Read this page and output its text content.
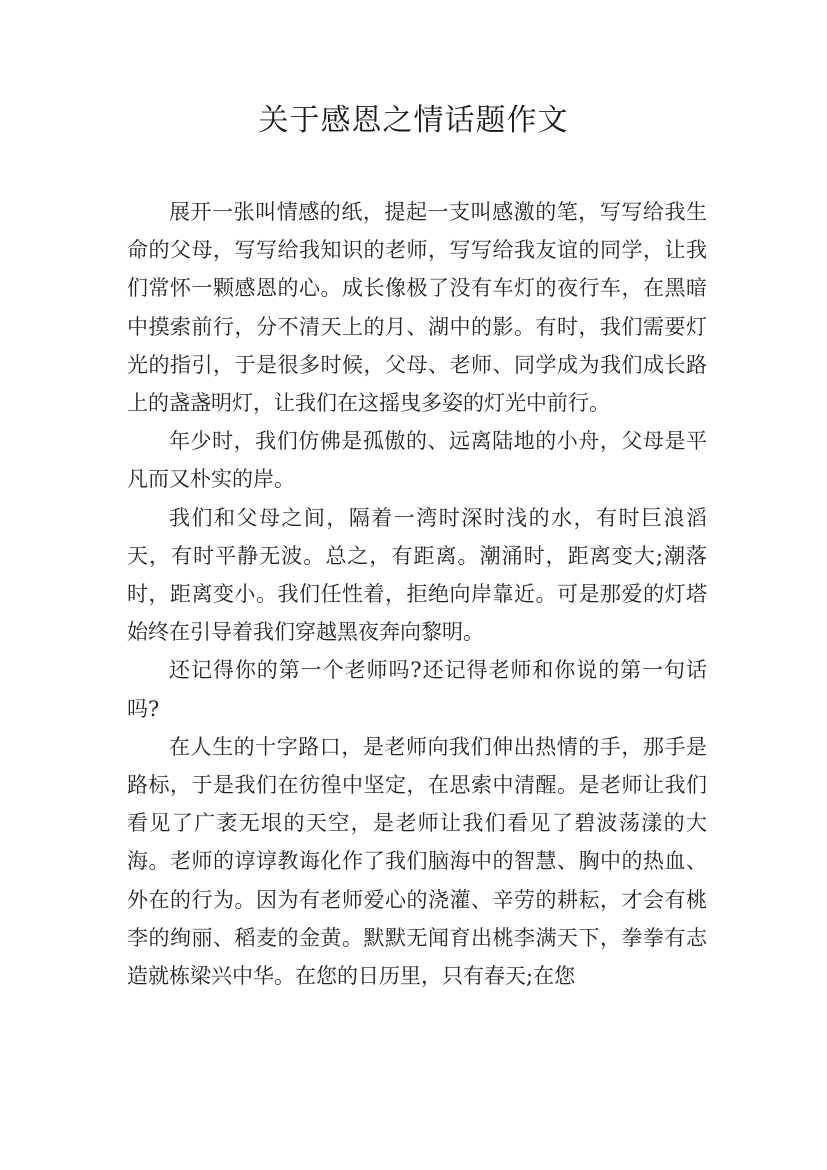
关于感恩之情话题作文

展开一张叫情感的纸，提起一支叫感激的笔，写写给我生命的父母，写写给我知识的老师，写写给我友谊的同学，让我们常怀一颗感恩的心。成长像极了没有车灯的夜行车，在黑暗中摸索前行，分不清天上的月、湖中的影。有时，我们需要灯光的指引，于是很多时候，父母、老师、同学成为我们成长路上的盏盏明灯，让我们在这摇曳多姿的灯光中前行。

年少时，我们仿佛是孤傲的、远离陆地的小舟，父母是平凡而又朴实的岸。

我们和父母之间，隔着一湾时深时浅的水，有时巨浪滔天，有时平静无波。总之，有距离。潮涌时，距离变大;潮落时，距离变小。我们任性着，拒绝向岸靠近。可是那爱的灯塔始终在引导着我们穿越黑夜奔向黎明。

还记得你的第一个老师吗?还记得老师和你说的第一句话吗?

在人生的十字路口，是老师向我们伸出热情的手，那手是路标，于是我们在彷徨中坚定，在思索中清醒。是老师让我们看见了广袤无垠的天空，是老师让我们看见了碧波荡漾的大海。老师的谆谆教诲化作了我们脑海中的智慧、胸中的热血、外在的行为。因为有老师爱心的浇灌、辛劳的耕耘，才会有桃李的绚丽、稻麦的金黄。默默无闻育出桃李满天下，拳拳有志造就栋梁兴中华。在您的日历里，只有春天;在您
